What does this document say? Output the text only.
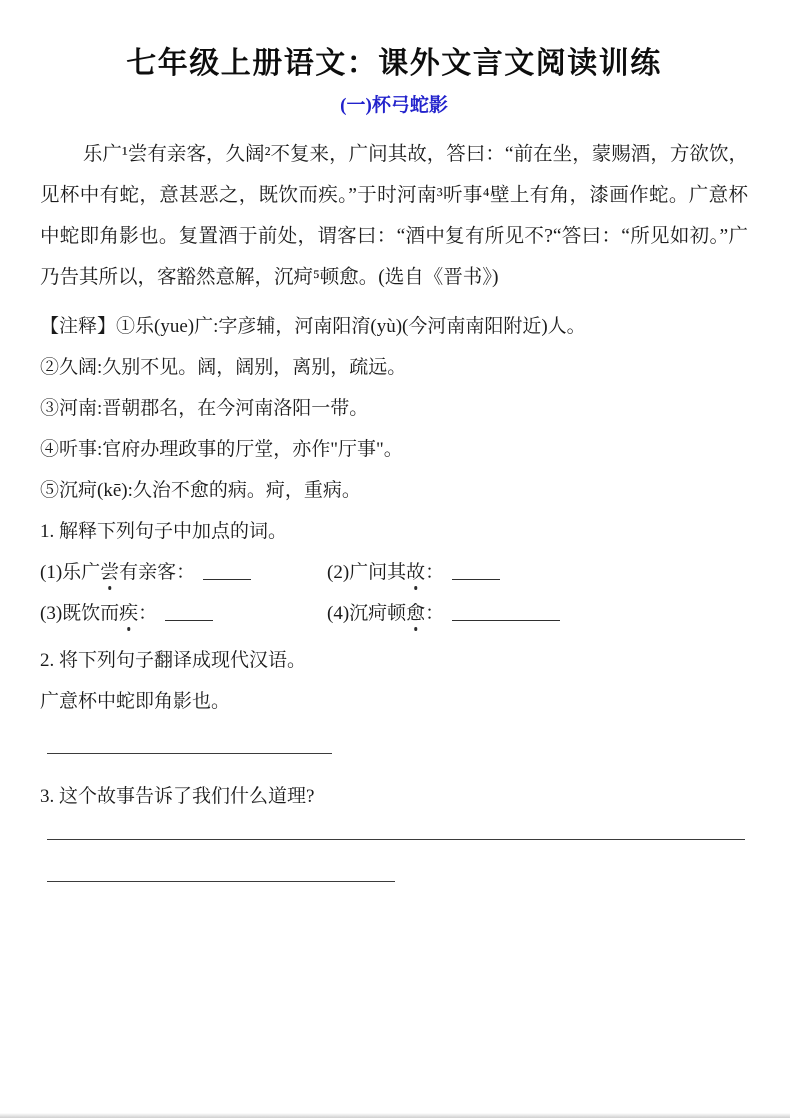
七年级上册语文：课外文言文阅读训练
(一)杯弓蛇影

乐广¹尝有亲客，久阔²不复来，广问其故，答曰：“前在坐，蒙赐酒，方欲饮，见杯中有蛇，意甚恶之，既饮而疾。”于时河南³听事⁴壁上有角，漆画作蛇。广意杯中蛇即角影也。复置酒于前处，谓客曰：“酒中复有所见不?“答曰：“所见如初。”广乃告其所以，客豁然意解，沉疴⁵顿愈。(选自《晋书》)

【注释】①乐(yue)广:字彦辅，河南阳淯(yù)(今河南南阳附近)人。

②久阔:久别不见。阔，阔别，离别，疏远。

③河南:晋朝郡名，在今河南洛阳一带。

④听事:官府办理政事的厅堂，亦作"厅事"。

⑤沉疴(kē):久治不愈的病。疴，重病。

1. 解释下列句子中加点的词。

(1)乐广尝有亲客：	(2)广问其故：
(3)既饮而疾：	(4)沉疴顿愈：

2. 将下列句子翻译成现代汉语。

广意杯中蛇即角影也。

3. 这个故事告诉了我们什么道理?
